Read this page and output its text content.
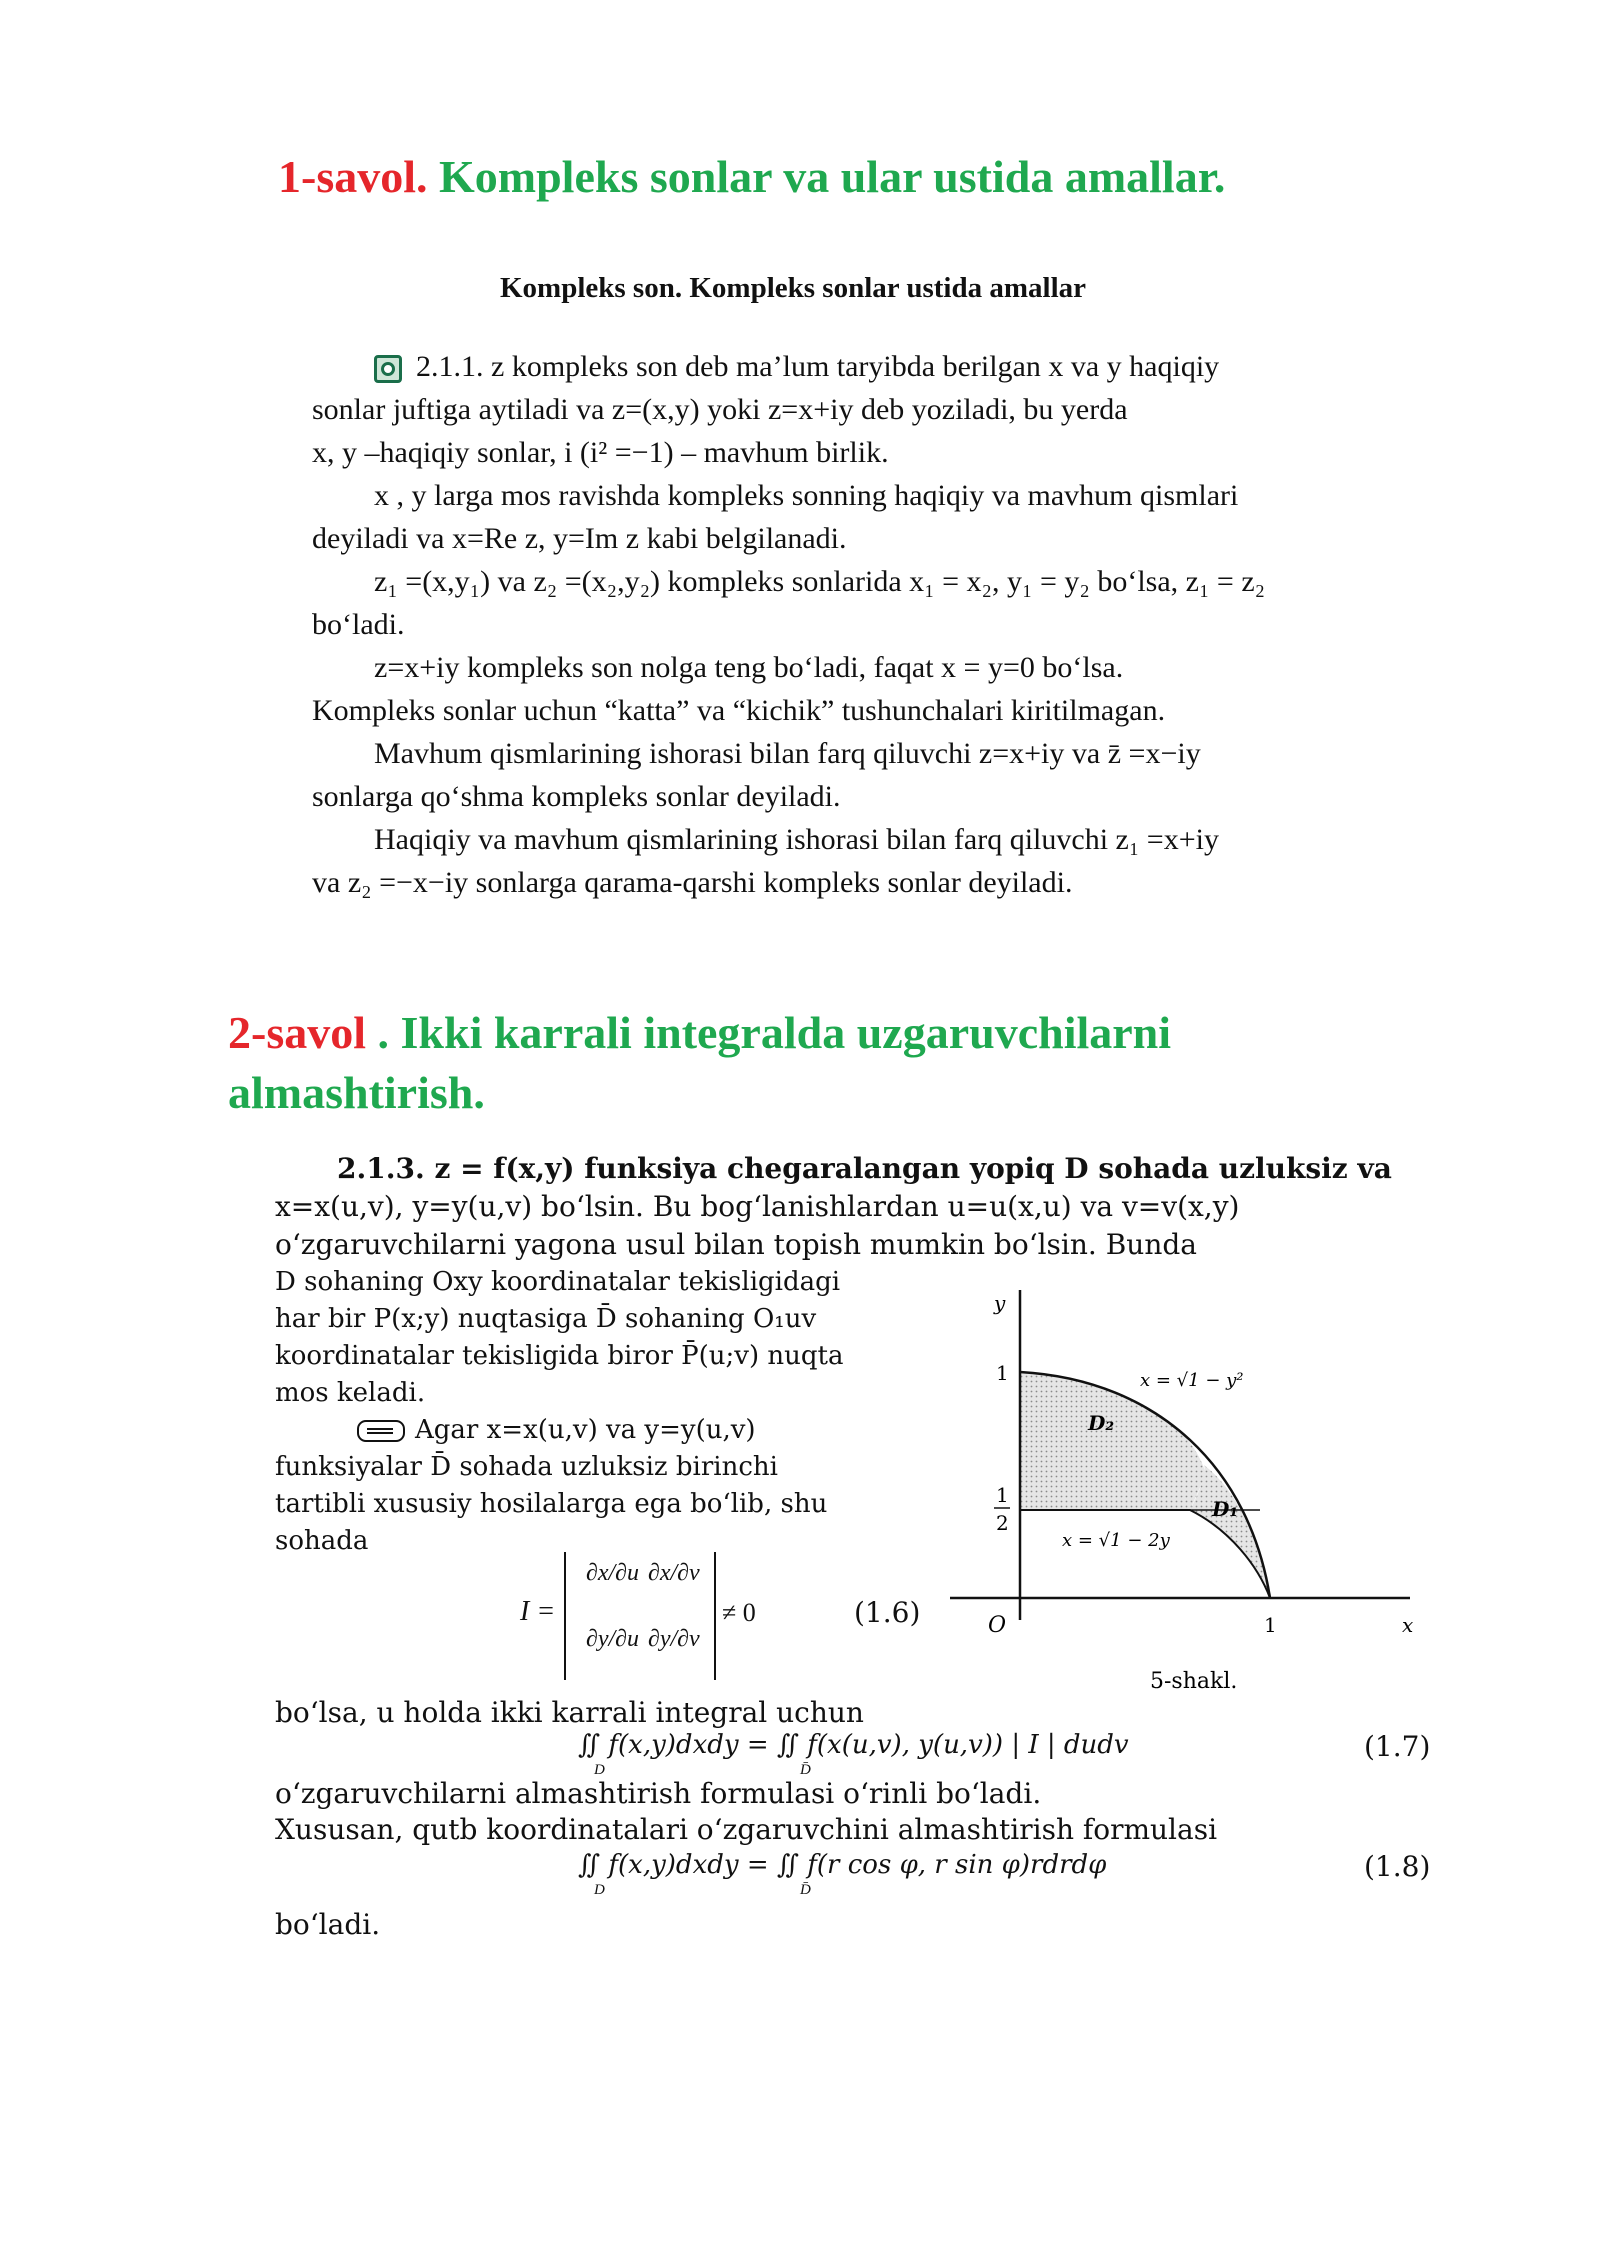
1-savol. Kompleks sonlar va ular ustida amallar.
Kompleks son. Kompleks sonlar ustida amallar
2.1.1. z kompleks son deb ma’lum taryibda berilgan x va y haqiqiy
sonlar juftiga aytiladi va z=(x,y) yoki z=x+iy deb yoziladi, bu yerda
x, y –haqiqiy sonlar, i (i² =−1) – mavhum birlik.
x , y larga mos ravishda kompleks sonning haqiqiy va mavhum qismlari
deyiladi va x=Re z, y=Im z kabi belgilanadi.
z₁ =(x,y₁) va z₂ =(x₂,y₂) kompleks sonlarida x₁ = x₂, y₁ = y₂ bo‘lsa, z₁ = z₂
bo‘ladi.
z=x+iy kompleks son nolga teng bo‘ladi, faqat x = y=0 bo‘lsa.
Kompleks sonlar uchun “katta” va “kichik” tushunchalari kiritilmagan.
Mavhum qismlarining ishorasi bilan farq qiluvchi z=x+iy va z̄ =x−iy
sonlarga qo‘shma kompleks sonlar deyiladi.
Haqiqiy va mavhum qismlarining ishorasi bilan farq qiluvchi z₁ =x+iy
va z₂ =−x−iy sonlarga qarama-qarshi kompleks sonlar deyiladi.
2-savol . Ikki karrali integralda uzgaruvchilarni
almashtirish.
2.1.3. z = f(x,y) funksiya chegaralangan yopiq D sohada uzluksiz va
x=x(u,v), y=y(u,v) bo‘lsin. Bu bog‘lanishlardan u=u(x,u) va v=v(x,y)
o‘zgaruvchilarni yagona usul bilan topish mumkin bo‘lsin. Bunda
D sohaning Oxy koordinatalar tekisligidagi
har bir P(x;y) nuqtasiga D̄ sohaning O₁uv
koordinatalar tekisligida biror P̄(u;v) nuqta
mos keladi.
Agar x=x(u,v) va y=y(u,v)
funksiyalar D̄ sohada uzluksiz birinchi
tartibli xususiy hosilalarga ega bo‘lib, shu
sohada
I =
∂x/∂u ∂x/∂v
∂y/∂u ∂y/∂v
≠ 0	(1.6)
y
x
O
1
1
2
1
x = √1 − y²
x = √1 − 2y
D₂
D₁
5-shakl.
bo‘lsa, u holda ikki karrali integral uchun
∬ f(x,y)dxdy = ∬ f(x(u,v), y(u,v)) | I | dudv
D	D̄
(1.7)
o‘zgaruvchilarni almashtirish formulasi o‘rinli bo‘ladi.
Xususan, qutb koordinatalari o‘zgaruvchini almashtirish formulasi
∬ f(x,y)dxdy = ∬ f(r cos φ, r sin φ)rdrdφ
D	D̄
(1.8)
bo‘ladi.
